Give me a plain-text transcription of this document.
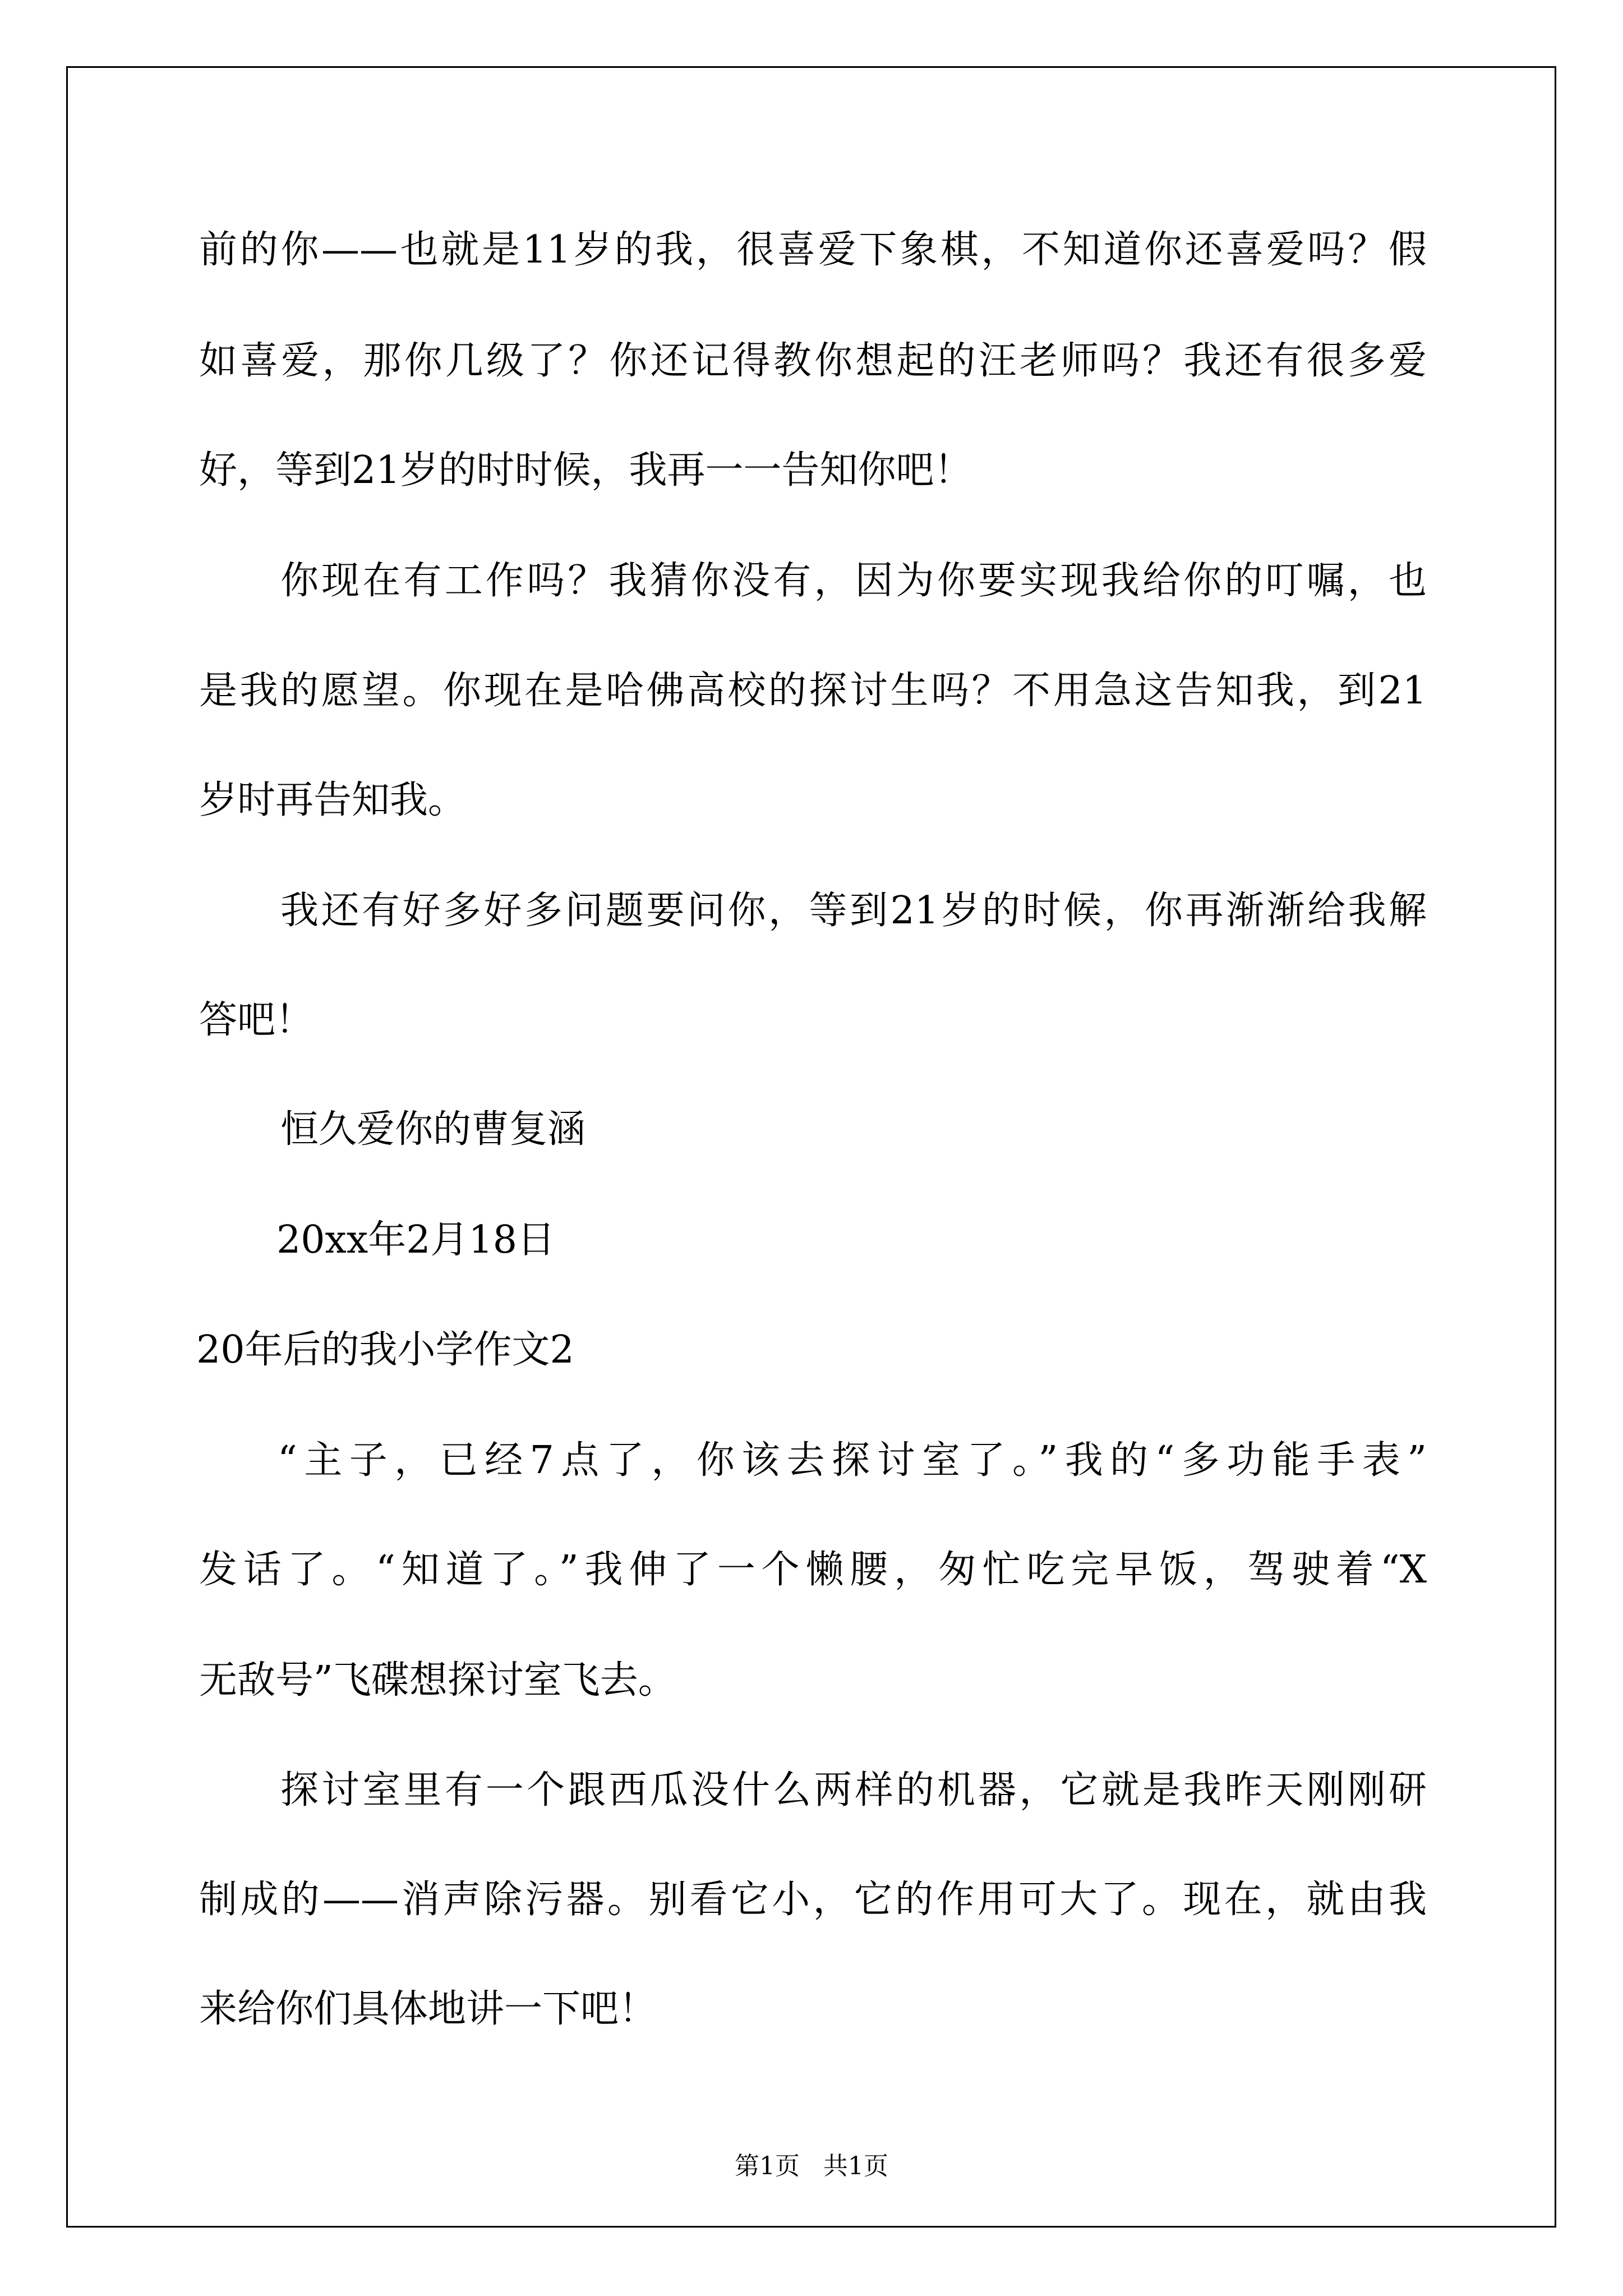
前的你——也就是11岁的我，很喜爱下象棋，不知道你还喜爱吗？假
如喜爱，那你几级了？你还记得教你想起的汪老师吗？我还有很多爱
好，等到21岁的时时候，我再一一告知你吧！
你现在有工作吗？我猜你没有，因为你要实现我给你的叮嘱，也
是我的愿望。你现在是哈佛高校的探讨生吗？不用急这告知我，到21
岁时再告知我。
我还有好多好多问题要问你，等到21岁的时候，你再渐渐给我解
答吧！
恒久爱你的曹复涵
20xx年2月18日
20年后的我小学作文2
“主子，已经7点了，你该去探讨室了。”我的“多功能手表”
发话了。“知道了。”我伸了一个懒腰，匆忙吃完早饭，驾驶着“X
无敌号”飞碟想探讨室飞去。
探讨室里有一个跟西瓜没什么两样的机器，它就是我昨天刚刚研
制成的——消声除污器。别看它小，它的作用可大了。现在，就由我
来给你们具体地讲一下吧！
第1页   共1页
